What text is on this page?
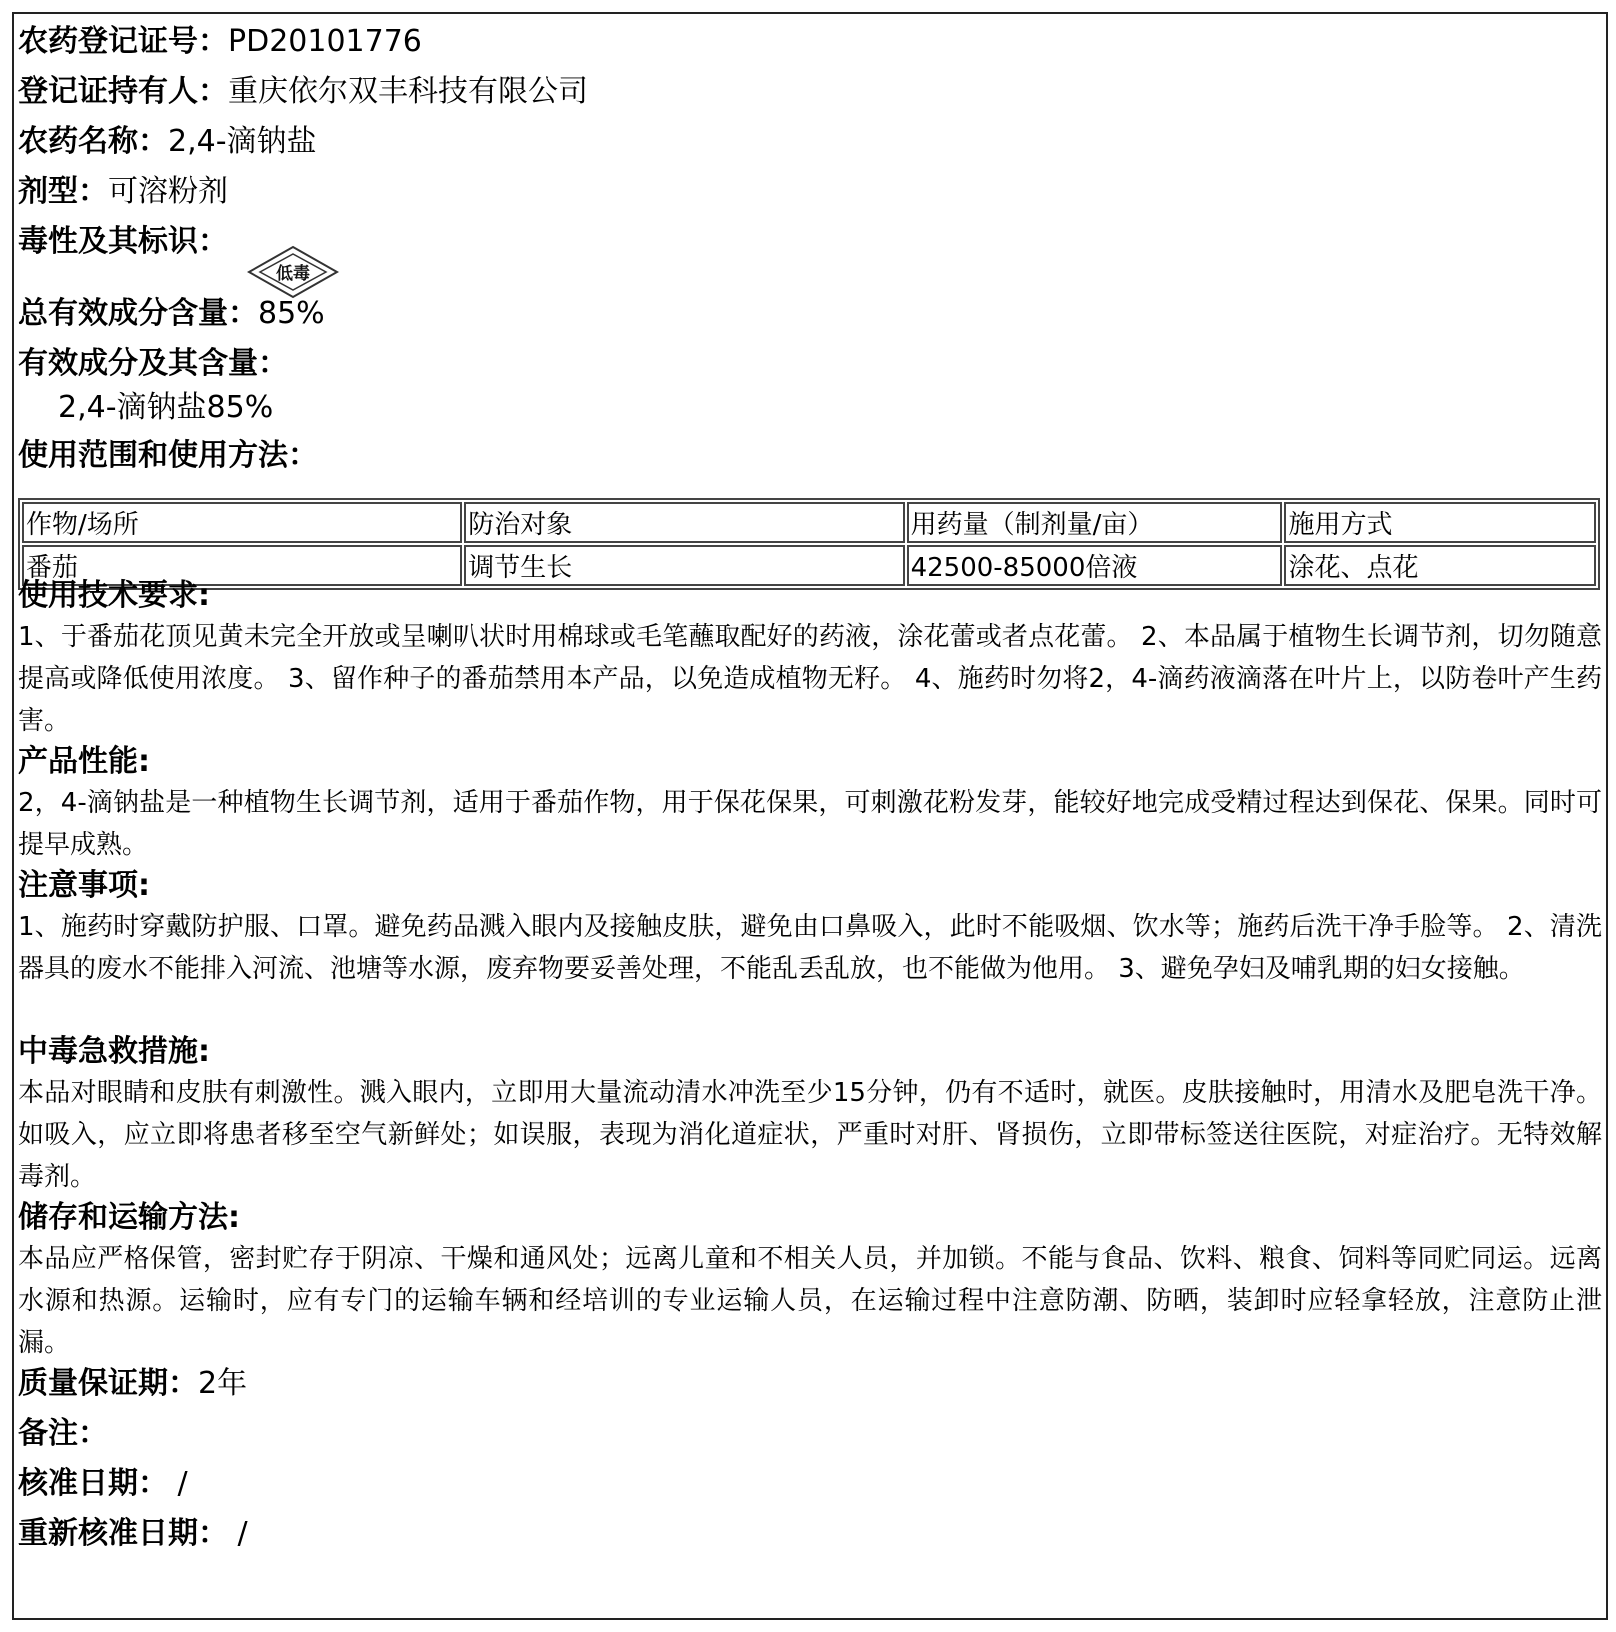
农药登记证号：PD20101776
登记证持有人：重庆依尔双丰科技有限公司
农药名称：2,4-滴钠盐
剂型：可溶粉剂
毒性及其标识：
低毒
总有效成分含量：85%
有效成分及其含量：
2,4-滴钠盐85%
使用范围和使用方法：
作物/场所	防治对象	用药量（制剂量/亩）	施用方式
番茄	调节生长	42500-85000倍液	涂花、点花
使用技术要求:
1、于番茄花顶见黄未完全开放或呈喇叭状时用棉球或毛笔蘸取配好的药液，涂花蕾或者点花蕾。 2、本品属于植物生长调节剂，切勿随意提高或降低使用浓度。 3、留作种子的番茄禁用本产品，以免造成植物无籽。 4、施药时勿将2，4-滴药液滴落在叶片上，以防卷叶产生药害。
产品性能:
2，4-滴钠盐是一种植物生长调节剂，适用于番茄作物，用于保花保果，可刺激花粉发芽，能较好地完成受精过程达到保花、保果。同时可提早成熟。
注意事项:
1、施药时穿戴防护服、口罩。避免药品溅入眼内及接触皮肤，避免由口鼻吸入，此时不能吸烟、饮水等；施药后洗干净手脸等。 2、清洗器具的废水不能排入河流、池塘等水源，废弃物要妥善处理，不能乱丢乱放，也不能做为他用。 3、避免孕妇及哺乳期的妇女接触。
中毒急救措施:
本品对眼睛和皮肤有刺激性。溅入眼内，立即用大量流动清水冲洗至少15分钟，仍有不适时，就医。皮肤接触时，用清水及肥皂洗干净。如吸入，应立即将患者移至空气新鲜处；如误服，表现为消化道症状，严重时对肝、肾损伤，立即带标签送往医院，对症治疗。无特效解毒剂。
储存和运输方法:
本品应严格保管，密封贮存于阴凉、干燥和通风处；远离儿童和不相关人员，并加锁。不能与食品、饮料、粮食、饲料等同贮同运。远离水源和热源。运输时，应有专门的运输车辆和经培训的专业运输人员，在运输过程中注意防潮、防晒，装卸时应轻拿轻放，注意防止泄漏。
质量保证期：2年
备注：
核准日期： /
重新核准日期： /
